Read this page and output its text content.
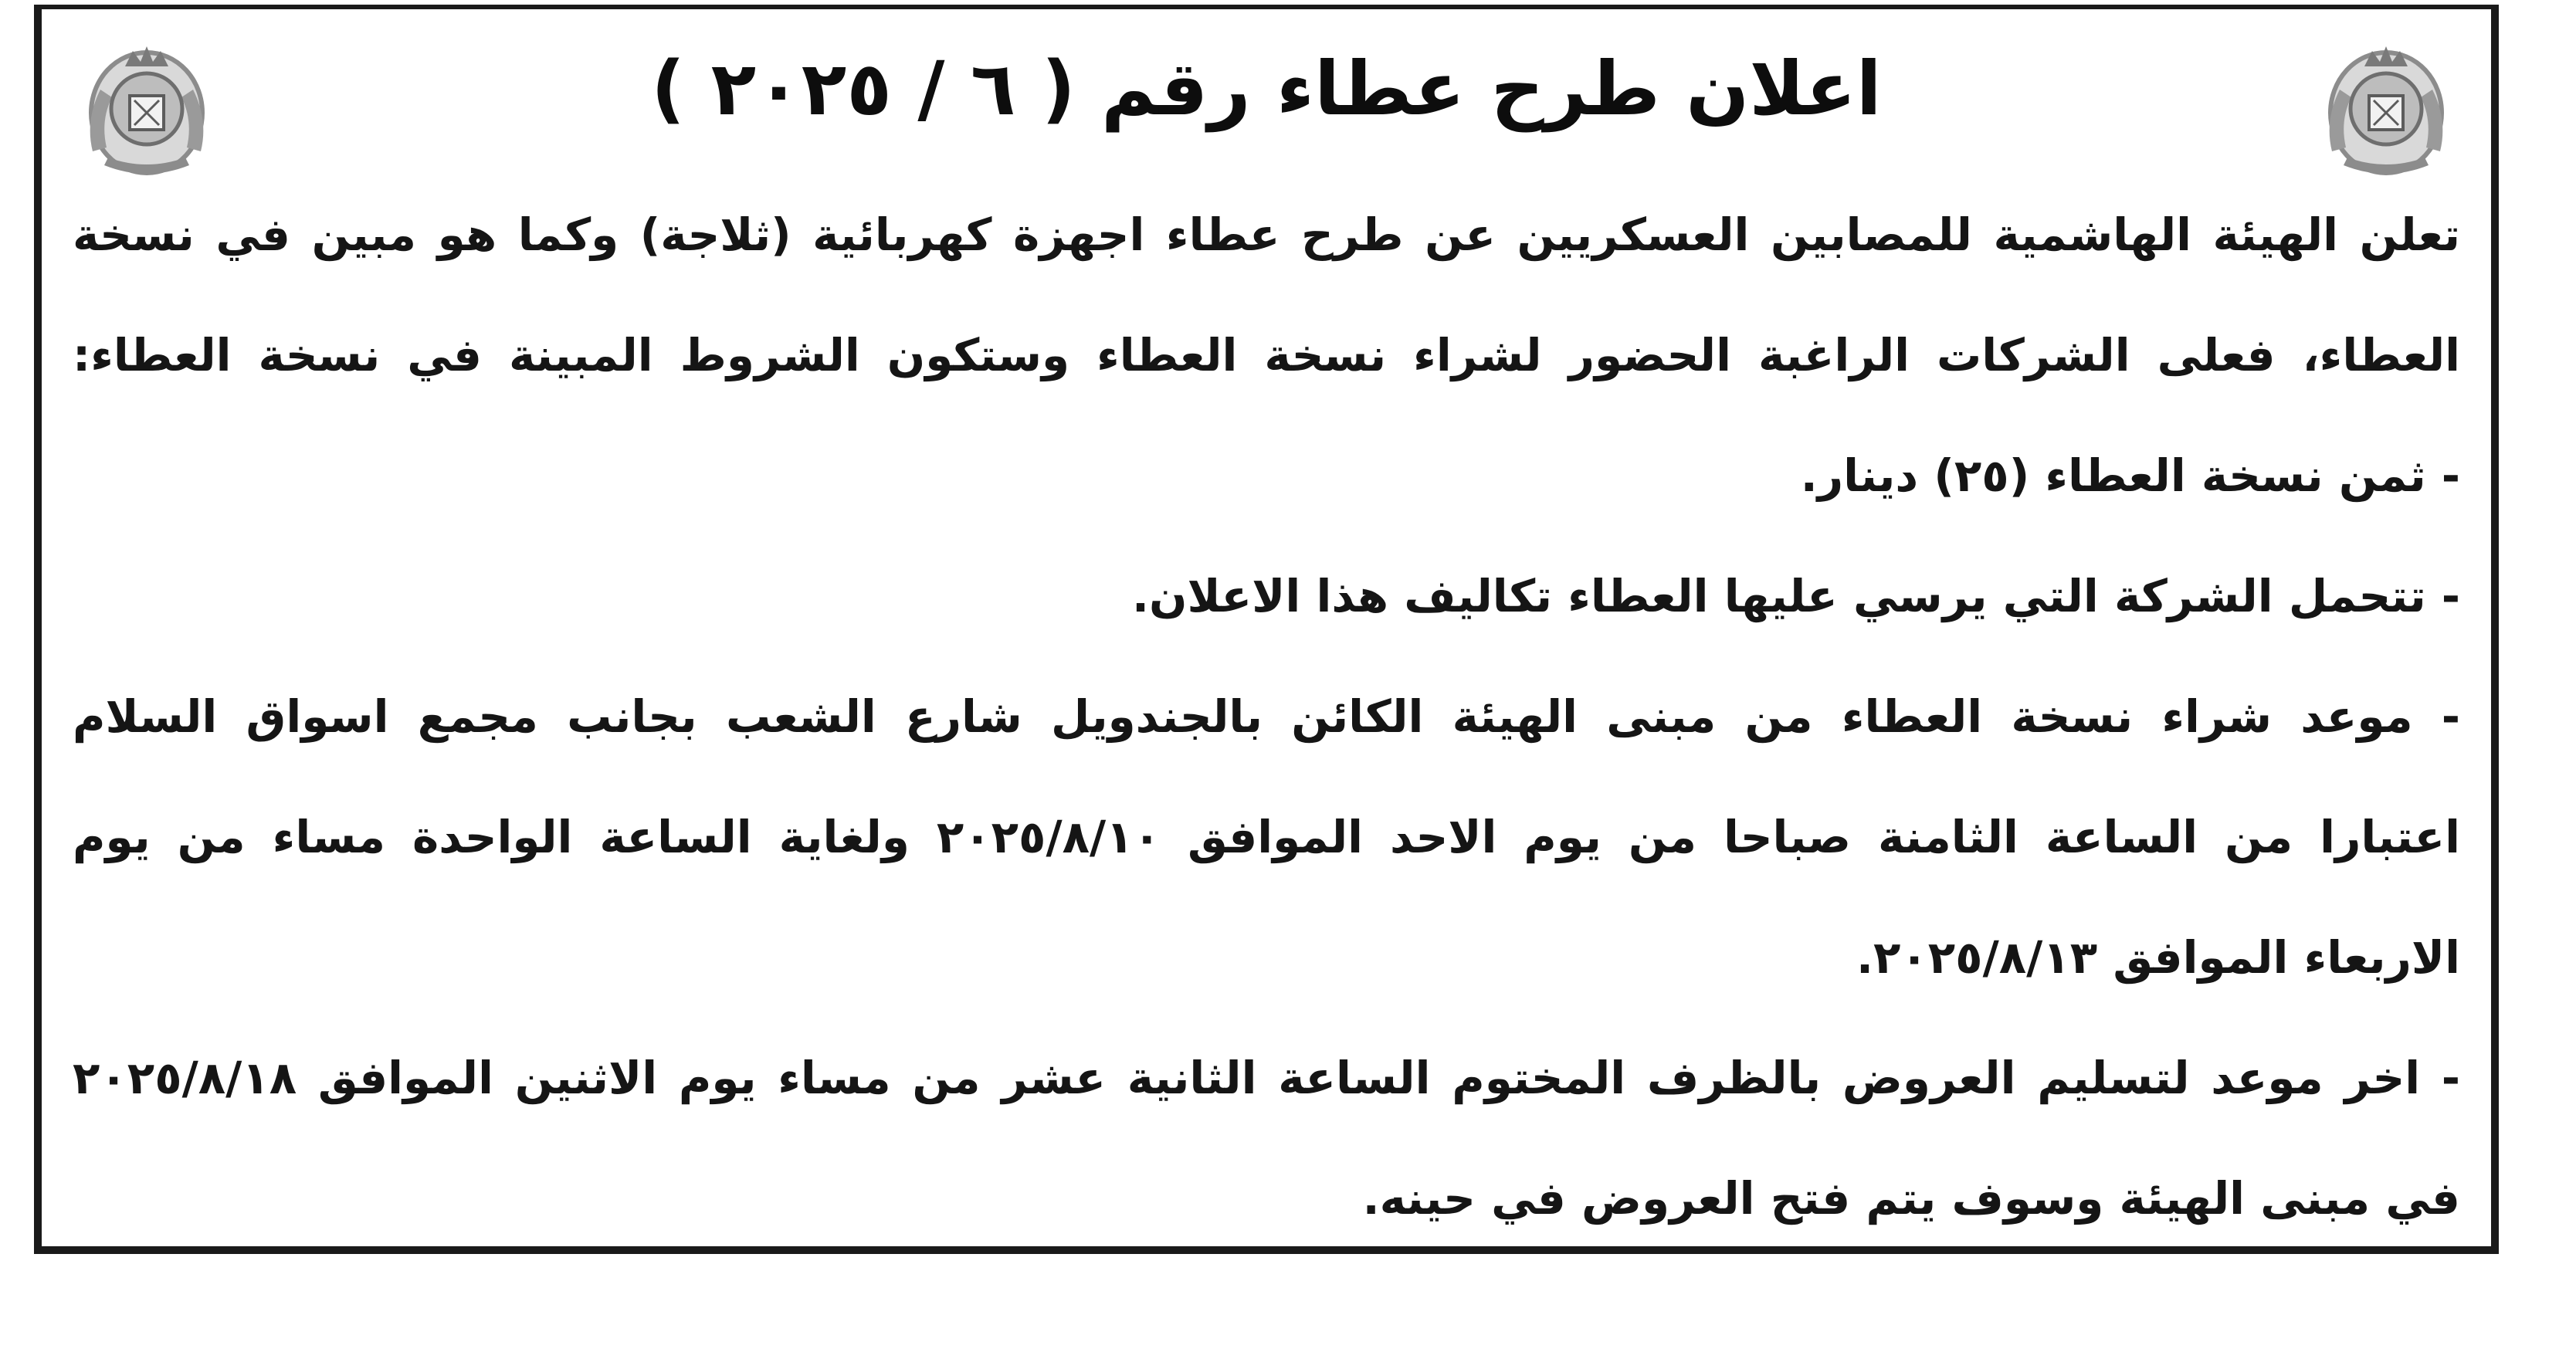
اعلان طرح عطاء رقم ( ٦ / ٢٠٢٥ )
تعلن الهيئة الهاشمية للمصابين العسكريين عن طرح عطاء اجهزة كهربائية (ثلاجة) وكما هو مبين في نسخة
العطاء، فعلى الشركات الراغبة الحضور لشراء نسخة العطاء وستكون الشروط المبينة في نسخة العطاء:
- ثمن نسخة العطاء (٢٥) دينار.
- تتحمل الشركة التي يرسي عليها العطاء تكاليف هذا الاعلان.
- موعد شراء نسخة العطاء من مبنى الهيئة الكائن بالجندويل شارع الشعب بجانب مجمع اسواق السلام
اعتبارا من الساعة الثامنة صباحا من يوم الاحد الموافق ٢٠٢٥/٨/١٠ ولغاية الساعة الواحدة مساء من يوم
الاربعاء الموافق ٢٠٢٥/٨/١٣.
- اخر موعد لتسليم العروض بالظرف المختوم الساعة الثانية عشر من مساء يوم الاثنين الموافق ٢٠٢٥/٨/١٨
في مبنى الهيئة وسوف يتم فتح العروض في حينه.
